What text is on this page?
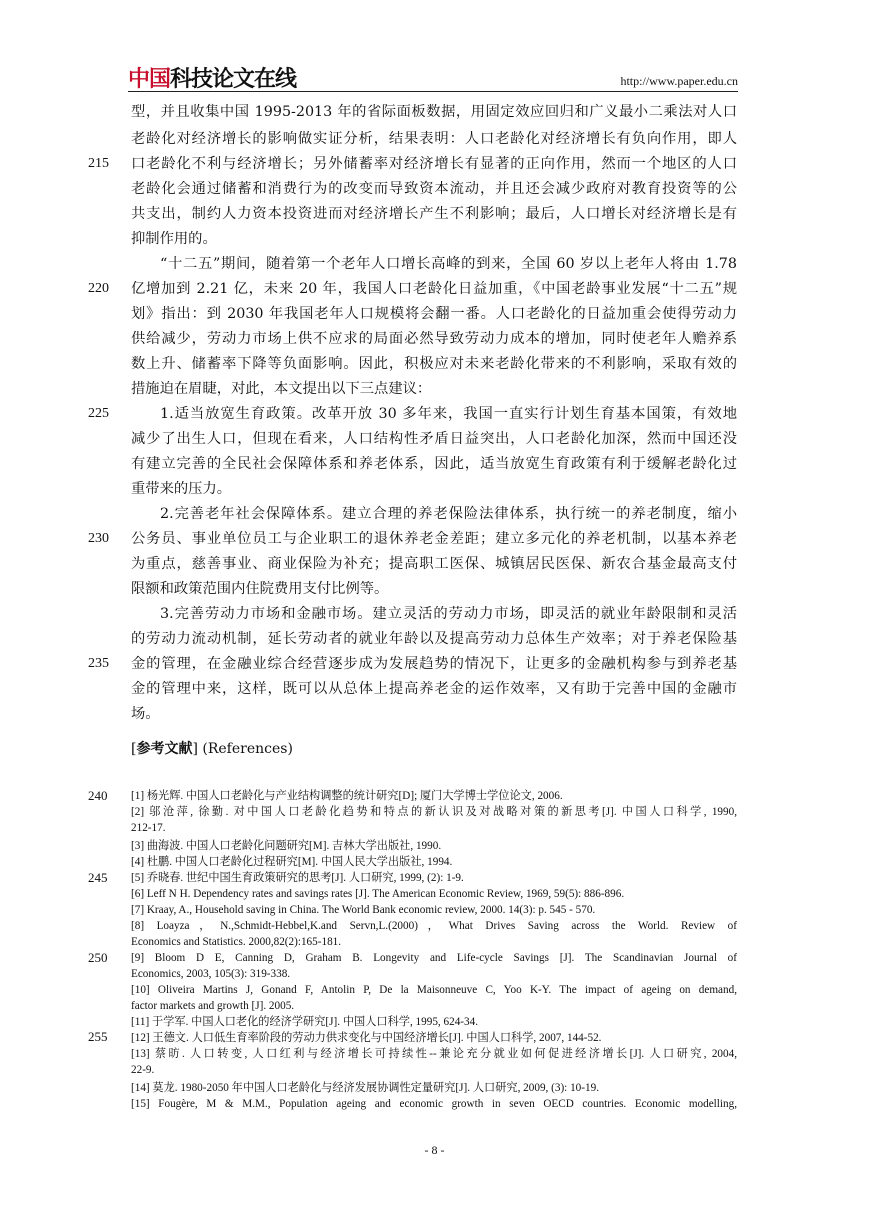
中国科技论文在线	http://www.paper.edu.cn
型，并且收集中国 1995-2013 年的省际面板数据，用固定效应回归和广义最小二乘法对人口
老龄化对经济增长的影响做实证分析，结果表明：人口老龄化对经济增长有负向作用，即人
口老龄化不利与经济增长；另外储蓄率对经济增长有显著的正向作用，然而一个地区的人口
老龄化会通过储蓄和消费行为的改变而导致资本流动，并且还会减少政府对教育投资等的公
共支出，制约人力资本投资进而对经济增长产生不利影响；最后，人口增长对经济增长是有
抑制作用的。
“十二五”期间，随着第一个老年人口增长高峰的到来，全国 60 岁以上老年人将由 1.78
亿增加到 2.21 亿，未来 20 年，我国人口老龄化日益加重，《中国老龄事业发展“十二五”规
划》指出：到 2030 年我国老年人口规模将会翻一番。人口老龄化的日益加重会使得劳动力
供给减少，劳动力市场上供不应求的局面必然导致劳动力成本的增加，同时使老年人赡养系
数上升、储蓄率下降等负面影响。因此，积极应对未来老龄化带来的不利影响，采取有效的
措施迫在眉睫，对此，本文提出以下三点建议：
1.适当放宽生育政策。改革开放 30 多年来，我国一直实行计划生育基本国策，有效地
减少了出生人口，但现在看来，人口结构性矛盾日益突出，人口老龄化加深，然而中国还没
有建立完善的全民社会保障体系和养老体系，因此，适当放宽生育政策有利于缓解老龄化过
重带来的压力。
2.完善老年社会保障体系。建立合理的养老保险法律体系，执行统一的养老制度，缩小
公务员、事业单位员工与企业职工的退休养老金差距；建立多元化的养老机制，以基本养老
为重点，慈善事业、商业保险为补充；提高职工医保、城镇居民医保、新农合基金最高支付
限额和政策范围内住院费用支付比例等。
3.完善劳动力市场和金融市场。建立灵活的劳动力市场，即灵活的就业年龄限制和灵活
的劳动力流动机制，延长劳动者的就业年龄以及提高劳动力总体生产效率；对于养老保险基
金的管理，在金融业综合经营逐步成为发展趋势的情况下，让更多的金融机构参与到养老基
金的管理中来，这样，既可以从总体上提高养老金的运作效率，又有助于完善中国的金融市
场。
215
220
225
230
235
240
245
250
255
[参考文献] (References)
[1] 杨光辉. 中国人口老龄化与产业结构调整的统计研究[D]; 厦门大学博士学位论文, 2006.
[2] 邬沧萍, 徐勤. 对中国人口老龄化趋势和特点的新认识及对战略对策的新思考[J]. 中国人口科学, 1990,
212-17.
[3] 曲海波. 中国人口老龄化问题研究[M]. 吉林大学出版社, 1990.
[4] 杜鹏. 中国人口老龄化过程研究[M]. 中国人民大学出版社, 1994.
[5] 乔晓春. 世纪中国生育政策研究的思考[J]. 人口研究, 1999, (2): 1-9.
[6] Leff N H. Dependency rates and savings rates [J]. The American Economic Review, 1969, 59(5): 886-896.
[7] Kraay, A., Household saving in China. The World Bank economic review, 2000. 14(3): p. 545 - 570.
[8] Loayza，N.,Schmidt-Hebbel,K.and Servn,L.(2000)，What Drives Saving across the World. Review of
Economics and Statistics. 2000,82(2):165-181.
[9] Bloom D E, Canning D, Graham B. Longevity and Life‐cycle Savings [J]. The Scandinavian Journal of
Economics, 2003, 105(3): 319-338.
[10] Oliveira Martins J, Gonand F, Antolin P, De la Maisonneuve C, Yoo K-Y. The impact of ageing on demand,
factor markets and growth [J]. 2005.
[11] 于学军. 中国人口老化的经济学研究[J]. 中国人口科学, 1995, 624-34.
[12] 王德文. 人口低生育率阶段的劳动力供求变化与中国经济增长[J]. 中国人口科学, 2007, 144-52.
[13] 蔡昉. 人口转变, 人口红利与经济增长可持续性--兼论充分就业如何促进经济增长[J]. 人口研究, 2004,
22-9.
[14] 莫龙. 1980-2050 年中国人口老龄化与经济发展协调性定量研究[J]. 人口研究, 2009, (3): 10-19.
[15] Fougère, M & M.M., Population ageing and economic growth in seven OECD countries. Economic modelling,
- 8 -
